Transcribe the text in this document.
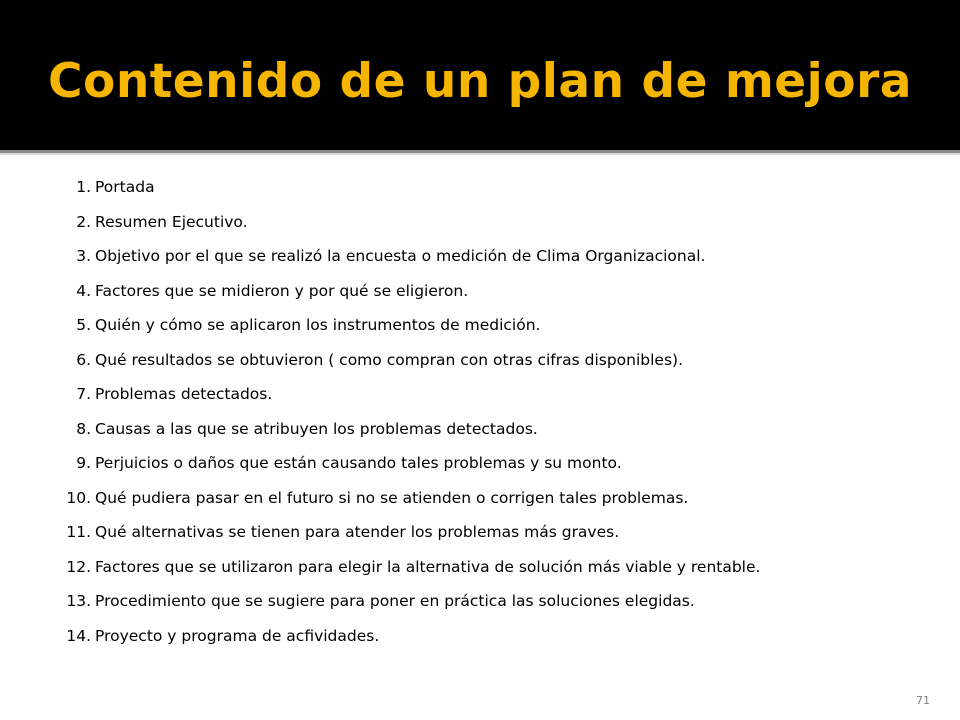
Contenido de un plan de mejora
1. Portada
2. Resumen Ejecutivo.
3. Objetivo por el que se realizó la encuesta o medición de Clima Organizacional.
4. Factores que se midieron y por qué se eligieron.
5. Quién y cómo se aplicaron los instrumentos de medición.
6. Qué resultados se obtuvieron ( como compran con otras cifras disponibles).
7. Problemas detectados.
8. Causas a las que se atribuyen los problemas detectados.
9. Perjuicios o daños que están causando tales problemas y su monto.
10. Qué pudiera pasar en el futuro si no se atienden o corrigen tales problemas.
11. Qué alternativas se tienen para atender los problemas más graves.
12. Factores que se utilizaron para elegir la alternativa de solución más viable y rentable.
13. Procedimiento que se sugiere para poner en práctica las soluciones elegidas.
14. Proyecto y programa de acfividades.
71
